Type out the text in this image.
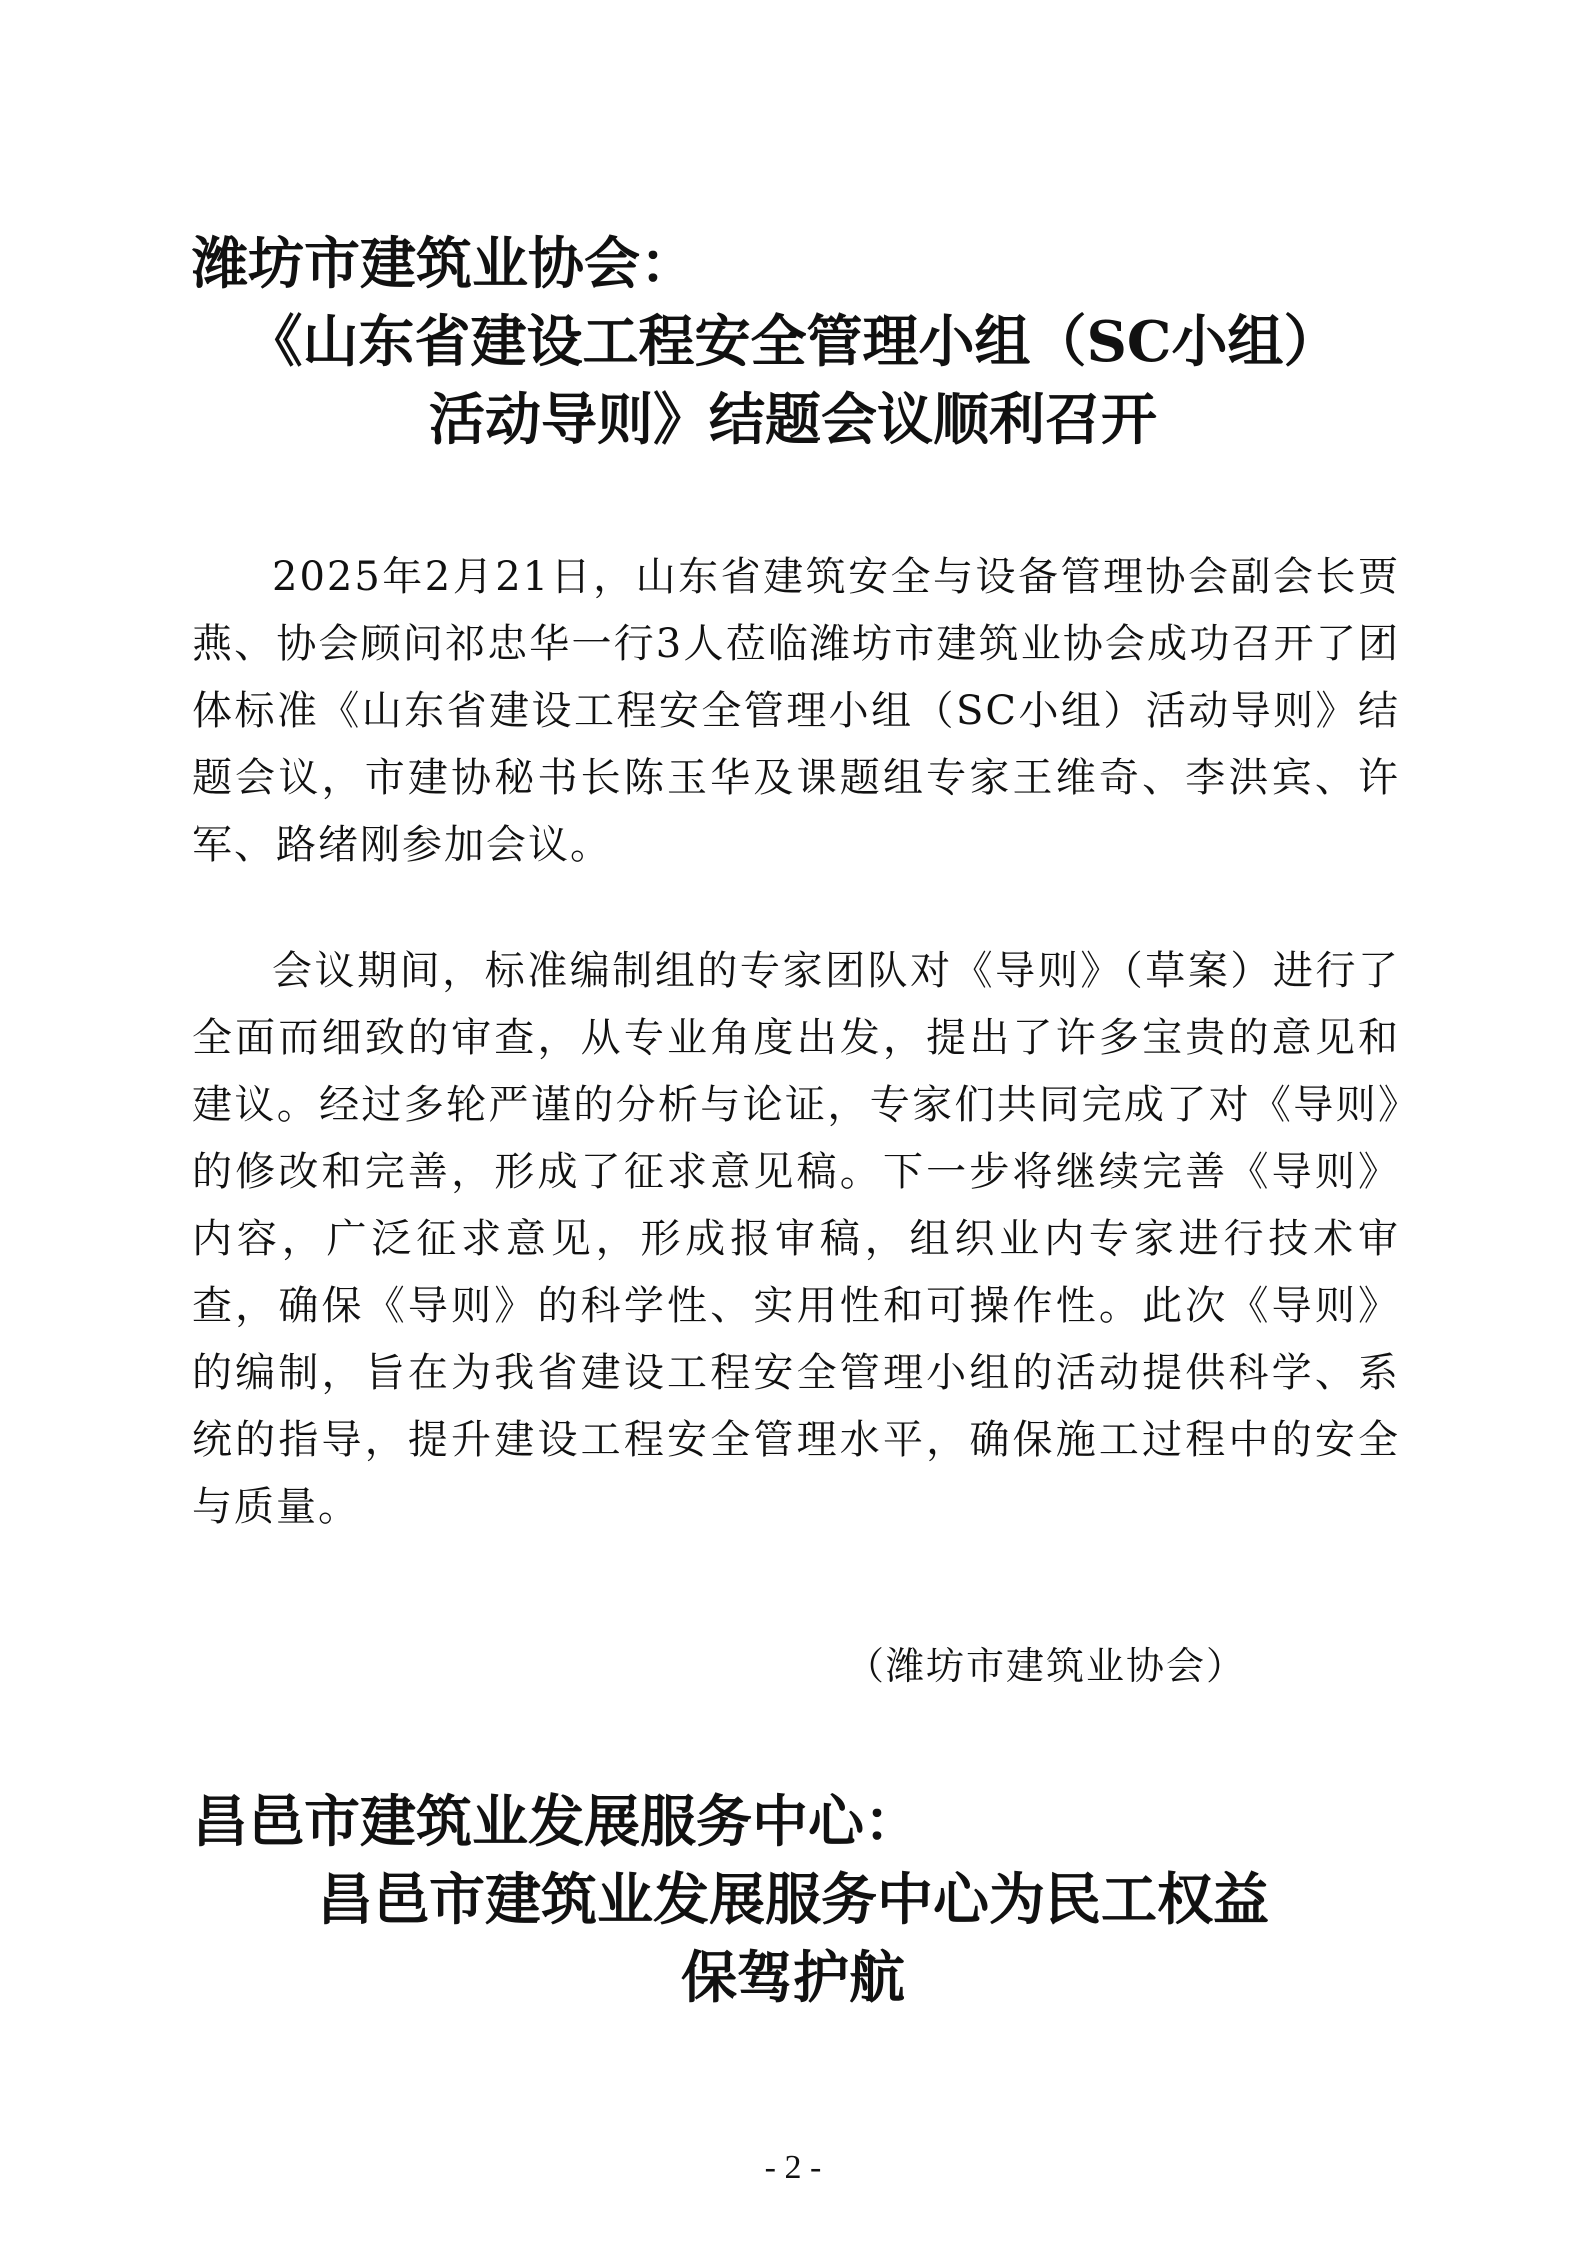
潍坊市建筑业协会：
《山东省建设工程安全管理小组（SC小组）
活动导则》结题会议顺利召开
2025年2月21日，山东省建筑安全与设备管理协会副会长贾燕、协会顾问祁忠华一行3人莅临潍坊市建筑业协会成功召开了团体标准《山东省建设工程安全管理小组（SC小组）活动导则》结题会议，市建协秘书长陈玉华及课题组专家王维奇、李洪宾、许军、路绪刚参加会议。
会议期间，标准编制组的专家团队对《导则》（草案）进行了全面而细致的审查，从专业角度出发，提出了许多宝贵的意见和建议。经过多轮严谨的分析与论证，专家们共同完成了对《导则》的修改和完善，形成了征求意见稿。下一步将继续完善《导则》内容，广泛征求意见，形成报审稿，组织业内专家进行技术审查，确保《导则》的科学性、实用性和可操作性。此次《导则》的编制，旨在为我省建设工程安全管理小组的活动提供科学、系统的指导，提升建设工程安全管理水平，确保施工过程中的安全与质量。
（潍坊市建筑业协会）
昌邑市建筑业发展服务中心：
昌邑市建筑业发展服务中心为民工权益
保驾护航
- 2 -
